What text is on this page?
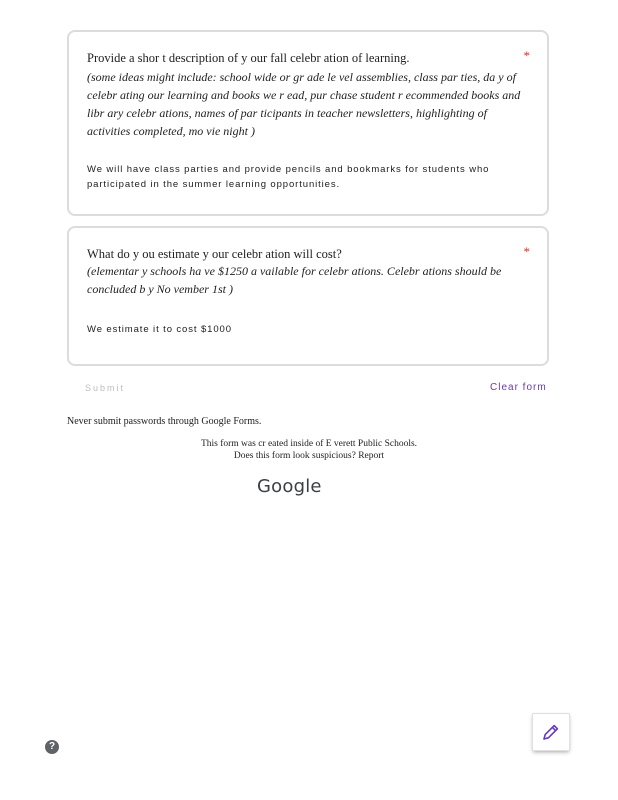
Provide a shor t description of y our fall celebr ation of learning.	*
(some ideas might include: school wide or gr ade le vel assemblies, class par ties, da y of celebr ating our learning and books we r ead, pur chase student r ecommended books and libr ary celebr ations, names of par ticipants in teacher newsletters, highlighting of activities completed, mo vie night )
We will have class parties and provide pencils and bookmarks for students who participated in the summer learning opportunities.
What do y ou estimate y our celebr ation will cost?	*
(elementar y schools ha ve $1250 a vailable for celebr ations. Celebr ations should be concluded b y No vember 1st )
We estimate it to cost $1000
Submit	Clear form
Never submit passwords through Google Forms.
This form was cr eated inside of E verett Public Schools.
Does this form look suspicious? Report
Google
?
